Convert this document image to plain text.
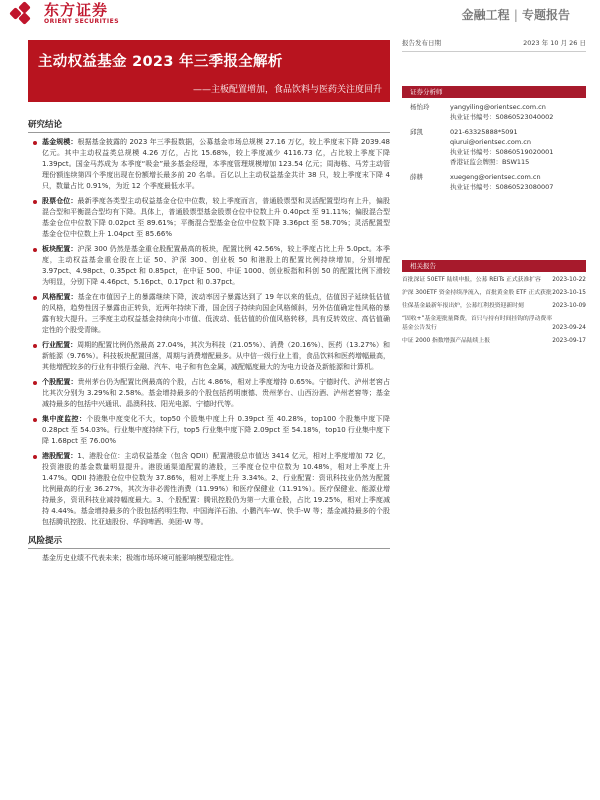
东方证券
ORIENT SECURITIES	金融工程 | 专题报告
主动权益基金 2023 年三季报全解析
——主板配置增加，食品饮料与医药关注度回升
报告发布日期	2023 年 10 月 26 日
证券分析师
杨怡玲	yangyiling@orientsec.com.cn
执业证书编号：S0860523040002
邱凯	021-63325888*5091
qiurui@orientsec.com.cn
执业证书编号：S0860519020001
香港证监会牌照：BSW115
薛耕	xuegeng@orientsec.com.cn
执业证书编号：S0860523080007
相关报告
首批深证 50ETF 陆续申报，公募 REITs 正式获准扩容	2023-10-22
沪深 300ETF 资金持续净流入，首批黄金股 ETF 正式获批 2023-10-15
往保基金最新年报出炉，公募红利投资迎新时刻	2023-10-09
“固收+”基金迎批量降费，首只与持有时间挂钩的浮动费率基金公告发行	2023-09-24
中证 2000 指数增强产品陆续上报	2023-09-17
研究结论
基金规模：根据基金披露的 2023 年三季报数据，公募基金市场总规模 27.16 万亿，较上季度末下降 2039.48 亿元。其中主动权益类总规模 4.26 万亿，占比 15.68%，较上季度减少 4116.73 亿，占比较上季度下降 1.39pct。国金马苏成为 本季度“吸金”最多基金经理，本季度管理规模增加 123.54 亿元；周海栋、马芳主动管理份额连续第四个季度出现在份额增长最多前 20 名单。百亿以上主动权益基金共计 38 只，较上季度末下降 4 只，数量占比 0.91%，为近 12 个季度最低水平。
股票仓位：最新季度各类型主动权益基金仓位中位数，较上季度而言，普通股票型和灵活配置型均有上升，偏股混合型和平衡混合型均有下降。具体上，普通股票型基金股票仓位中位数上升 0.40pct 至 91.11%；偏股混合型基金仓位中位数下降 0.02pct 至 89.61%；平衡混合型基金仓位中位数下降 3.36pct 至 58.70%；灵活配置型基金仓位中位数上升 1.04pct 至 85.66%
板块配置：沪深 300 仍然是基金重仓股配置最高的板块，配置比例 42.56%，较上季度占比上升 5.0pct。本季度，主动权益基金重仓股在上证 50、沪深 300、创业板 50 和港股上的配置比例持续增加，分别增配 3.97pct、4.98pct、0.35pct 和 0.85pct，在中证 500、中证 1000、创业板指和科创 50 的配置比例下滑较为明显，分别下降 4.46pct、5.16pct、0.17pct 和 0.37pct。
风格配置：基金在市值因子上的暴露继续下降，波动率因子暴露达到了 19 年以来的低点，估值因子延续低估值的风格，趋势性因子暴露由正转负，近两年持续下滑，国企因子持续向国企风格倾斜，另外估值确定性风格的暴露有较大提升。三季度主动权益基金持续向小市值、低波动、低估值的价值风格转移，具有反转效应、高估值确定性的个股受青睐。
行业配置：周期的配置比例仍然最高 27.04%，其次为科技（21.05%）、消费（20.16%）、医药（13.27%）和新能源（9.76%）。科技板块配置回落，周期与消费增配最多。从中信一级行业上看，食品饮料和医药增幅最高，其他增配较多的行业有非银行金融、汽车、电子和有色金属，减配幅度最大的为电力设备及新能源和计算机。
个股配置：贵州茅台仍为配置比例最高的个股，占比 4.86%，相对上季度增持 0.65%。宁德时代、泸州老窖占比其次分别为 3.29%和 2.58%。基金增持最多的个股包括药明康德、贵州茅台、山西汾酒、泸州老窖等；基金减持最多的包括中兴通讯、晶澳科技、阳光电源、宁德时代等。
集中度监控：个股集中度变化不大，top50 个股集中度上升 0.39pct 至 40.28%，top100 个股集中度下降 0.28pct 至 54.03%。行业集中度持续下行，top5 行业集中度下降 2.09pct 至 54.18%，top10 行业集中度下降 1.68pct 至 76.00%
港股配置：1、港股仓位：主动权益基金（包含 QDII）配置港股总市值达 3414 亿元，相对上季度增加 72 亿，投资港股的基金数量明显提升。港股通渠道配置的港股，三季度仓位中位数为 10.48%，相对上季度上升 1.47%。QDII 持港股仓位中位数为 37.86%，相对上季度上升 3.34%。2、行业配置：资讯科技业仍然为配置比例最高的行业 36.27%，其次为非必需性消费（11.99%）和医疗保健业（11.91%）。医疗保健业、能源业增持最多，资讯科技业减持幅度最大。3、个股配置：腾讯控股仍为第一大重仓股，占比 19.25%，相对上季度减持 4.44%。基金增持最多的个股包括药明生物、中国海洋石油、小鹏汽车-W、快手-W 等；基金减持最多的个股包括腾讯控股、比亚迪股份、华润啤酒、美团-W 等。
风险提示
基金历史业绩不代表未来；极端市场环境可能影响模型稳定性。
